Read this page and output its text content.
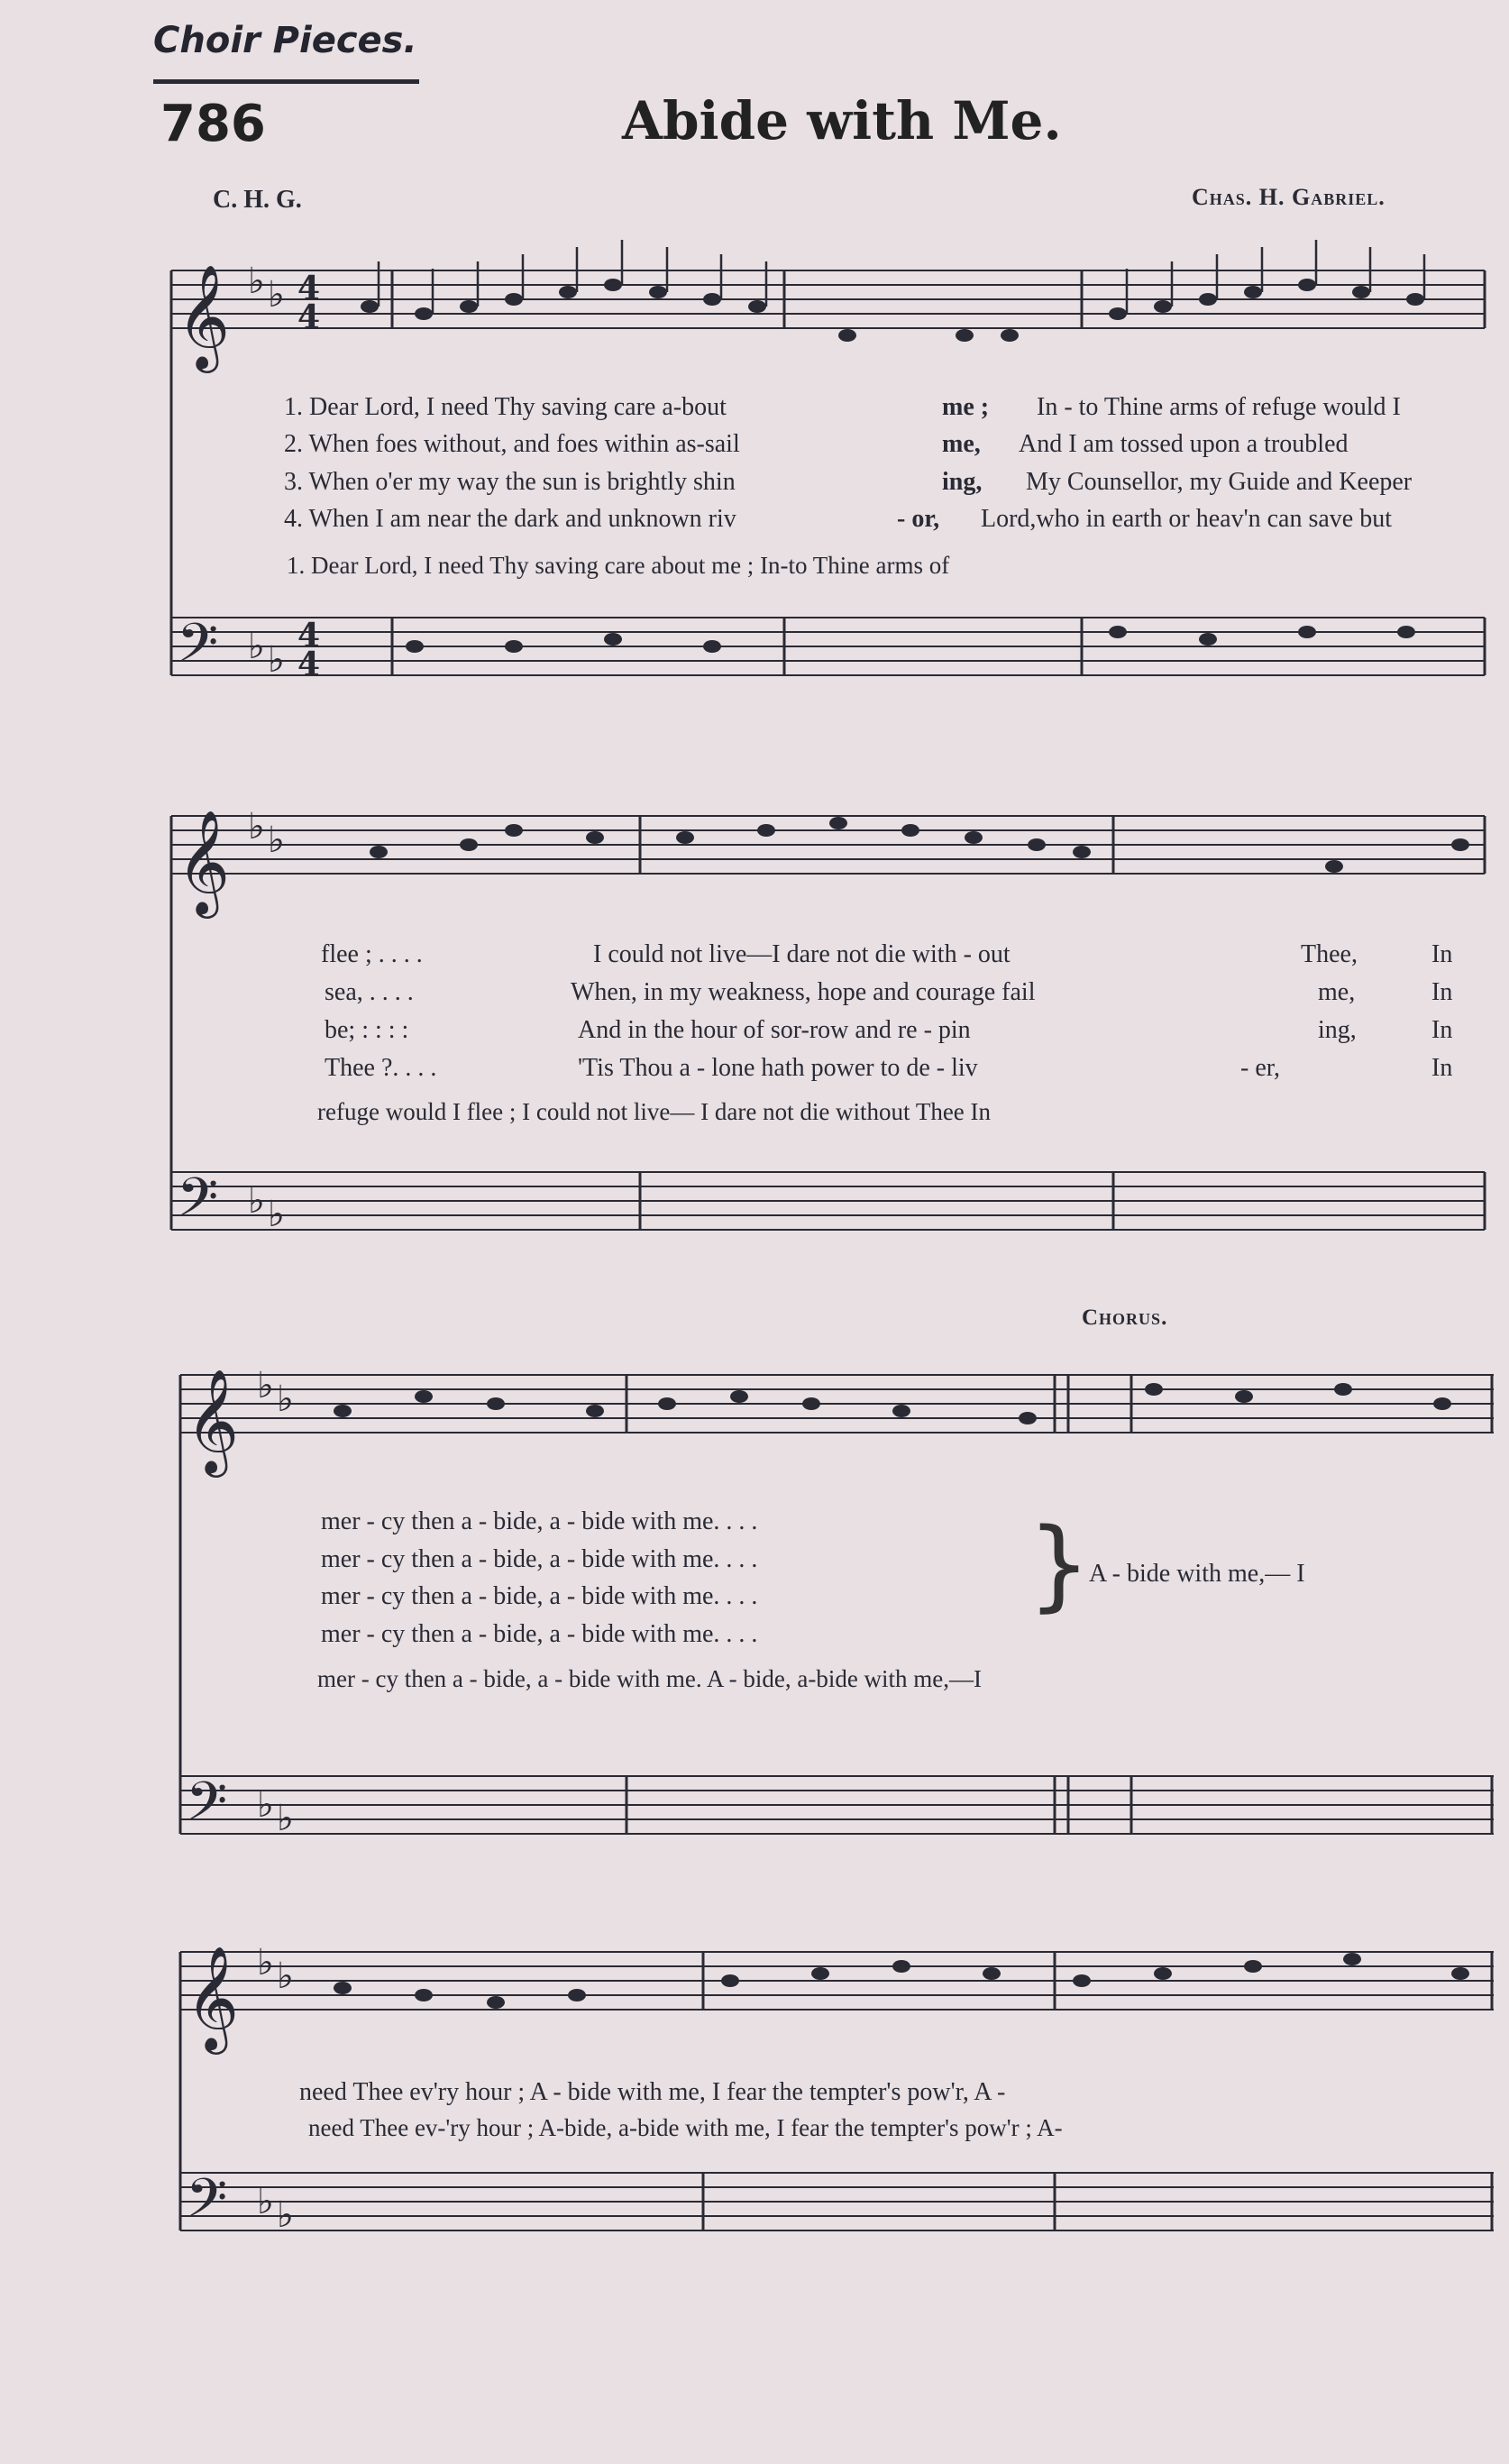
Choir Pieces.
786	Abide with Me.
C. H. G.	Chas. H. Gabriel.
Chorus.
𝄞
𝄢
𝄞
𝄢
𝄞
𝄢
𝄞
𝄢
♭ ♭
♭ ♭
♭ ♭
♭ ♭
♭ ♭
♭ ♭
♭ ♭
♭ ♭
4
4
4
4
1. Dear Lord, I need Thy saving care a-bout	me ; In - to Thine arms of refuge would I
2. When foes without, and foes within as-sail	me, And I am tossed upon a troubled
3. When o'er my way the sun is brightly shin	ing, My Counsellor, my Guide and Keeper
4. When I am near the dark and unknown riv	- or, Lord,who in earth or heav'n can save but
1. Dear Lord, I need Thy saving care about me ; In-to Thine arms of
flee ; . . . .	I could not live—I dare not die with - out	Thee,	In
sea, . . . .	When, in my weakness, hope and courage fail	me,	In
be; : : : :	And in the hour of sor-row and re - pin	ing,	In
Thee ?. . . .	'Tis Thou a - lone hath power to de - liv	- er,	In
refuge would I flee ; I could not live— I dare not die without Thee In
mer - cy then a - bide, a - bide with me. . . .
mer - cy then a - bide, a - bide with me. . . .
mer - cy then a - bide, a - bide with me. . . .
mer - cy then a - bide, a - bide with me. . . .
}
A - bide with me,— I
mer - cy then a - bide, a - bide with me. A - bide, a-bide with me,—I
need Thee ev'ry hour ; A - bide with me, I fear the tempter's pow'r, A -
need Thee ev-'ry hour ; A-bide, a-bide with me, I fear the tempter's pow'r ; A-
